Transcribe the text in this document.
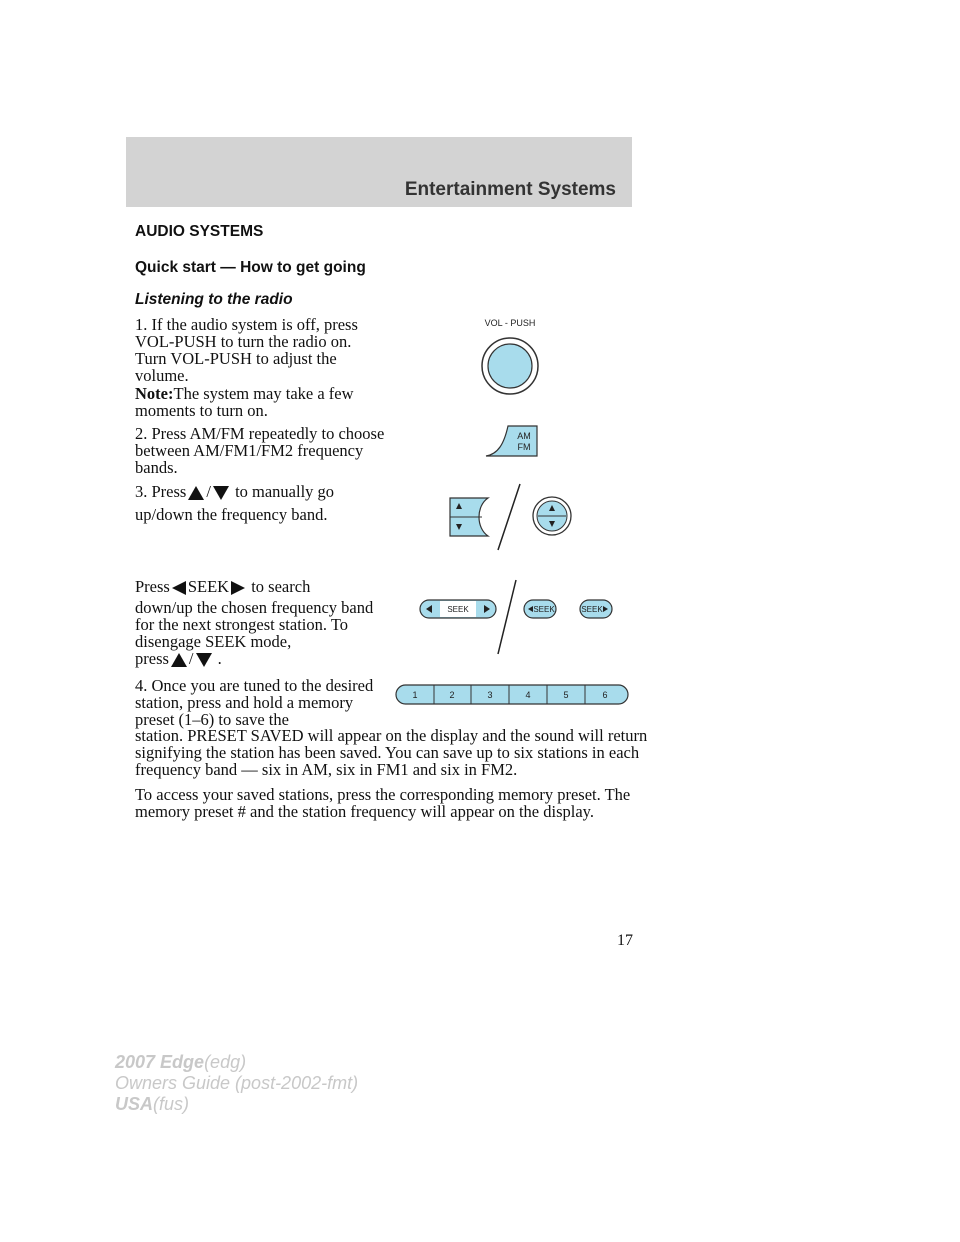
Entertainment Systems
AUDIO SYSTEMS
Quick start — How to get going
Listening to the radio
1. If the audio system is off, press VOL-PUSH to turn the radio on. Turn VOL-PUSH to adjust the volume.
Note:The system may take a few moments to turn on.
2. Press AM/FM repeatedly to choose between AM/FM1/FM2 frequency bands.
3. Press / to manually go
up/down the frequency band.
Press SEEK to search
down/up the chosen frequency band for the next strongest station. To disengage SEEK mode,
press / .
4. Once you are tuned to the desired station, press and hold a memory preset (1–6) to save the
station. PRESET SAVED will appear on the display and the sound will return signifying the station has been saved. You can save up to six stations in each frequency band — six in AM, six in FM1 and six in FM2.
To access your saved stations, press the corresponding memory preset. The memory preset # and the station frequency will appear on the display.
VOL - PUSH
AM
FM
SEEK	SEEK	SEEK
1	2	3	4	5	6
17
2007 Edge(edg)
Owners Guide (post-2002-fmt)
USA(fus)
